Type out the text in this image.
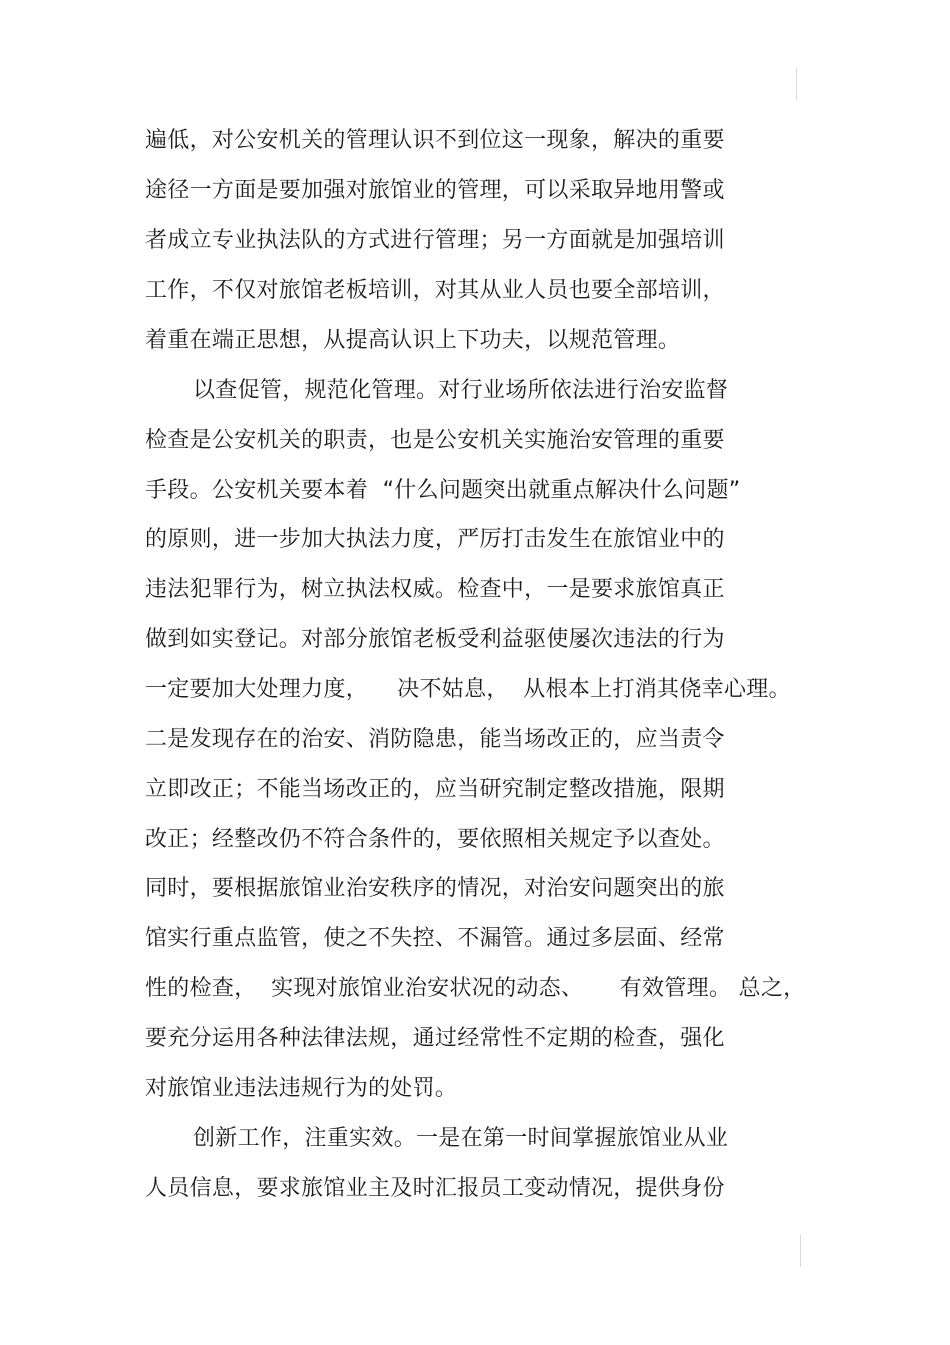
遍低，对公安机关的管理认识不到位这一现象，解决的重要
途径一方面是要加强对旅馆业的管理，可以采取异地用警或
者成立专业执法队的方式进行管理；另一方面就是加强培训
工作，不仅对旅馆老板培训，对其从业人员也要全部培训，
着重在端正思想，从提高认识上下功夫，以规范管理。
以查促管，规范化管理。对行业场所依法进行治安监督
检查是公安机关的职责，也是公安机关实施治安管理的重要
手段。公安机关要本着  “什么问题突出就重点解决什么问题”
的原则，进一步加大执法力度，严厉打击发生在旅馆业中的
违法犯罪行为，树立执法权威。检查中，一是要求旅馆真正
做到如实登记。对部分旅馆老板受利益驱使屡次违法的行为
一定要加大处理力度，    决不姑息，  从根本上打消其侥幸心理。
二是发现存在的治安、消防隐患，能当场改正的，应当责令
立即改正；不能当场改正的，应当研究制定整改措施，限期
改正；经整改仍不符合条件的，要依照相关规定予以查处。
同时，要根据旅馆业治安秩序的情况，对治安问题突出的旅
馆实行重点监管，使之不失控、不漏管。通过多层面、经常
性的检查，  实现对旅馆业治安状况的动态、     有效管理。 总之，
要充分运用各种法律法规，通过经常性不定期的检查，强化
对旅馆业违法违规行为的处罚。
创新工作，注重实效。一是在第一时间掌握旅馆业从业
人员信息，要求旅馆业主及时汇报员工变动情况，提供身份
